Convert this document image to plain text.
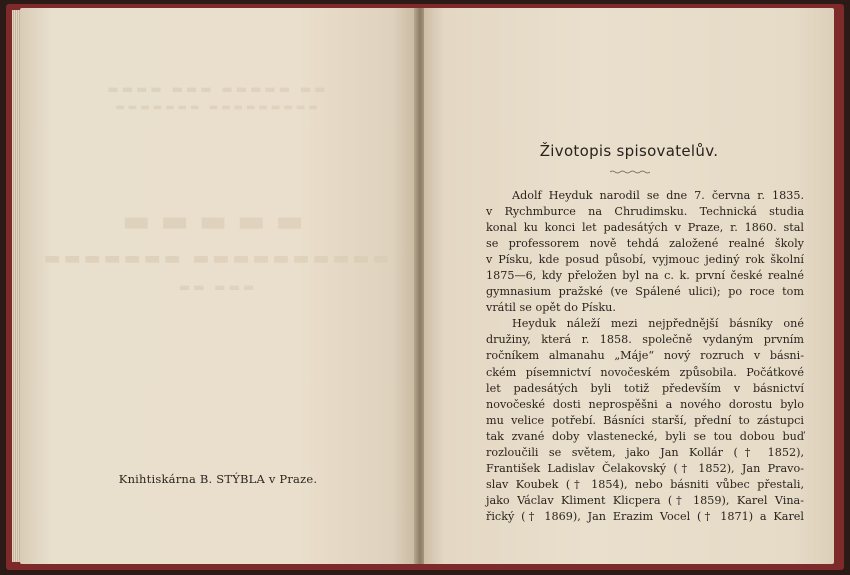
▬▬▬▬ ▬▬▬ ▬▬▬▬▬ ▬▬
▬▬▬▬▬▬▬ ▬▬▬▬▬▬▬▬▬
▬▬▬▬▬
▬▬▬▬▬▬▬ ▬▬▬▬▬▬▬▬▬▬
▬▬ ▬▬▬
Knihtiskárna B. STÝBLA v Praze.
Životopis spisovatelův.
Adolf Heyduk narodil se dne 7. června r. 1835.
v Rychmburce na Chrudimsku. Technická studia
konal ku konci let padesátých v Praze, r. 1860. stal
se professorem nově tehdá založené realné školy
v Písku, kde posud působí, vyjmouc jediný rok školní
1875—6, kdy přeložen byl na c. k. první české realné
gymnasium pražské (ve Spálené ulici); po roce tom
vrátil se opět do Písku.
Heyduk náleží mezi nejpřednější básníky oné
družiny, která r. 1858. společně vydaným prvním
ročníkem almanahu „Máje“ nový rozruch v básni-
ckém písemnictví novočeském způsobila. Počátkové
let padesátých byli totiž především v básnictví
novočeské dosti neprospěšni a nového dorostu bylo
mu velice potřebí. Básníci starší, přední to zástupci
tak zvané doby vlastenecké, byli se tou dobou buď
rozloučili se světem, jako Jan Kollár († 1852),
František Ladislav Čelakovský († 1852), Jan Pravo-
slav Koubek († 1854), nebo básniti vůbec přestali,
jako Václav Kliment Klicpera († 1859), Karel Vina-
řický († 1869), Jan Erazim Vocel († 1871) a Karel
